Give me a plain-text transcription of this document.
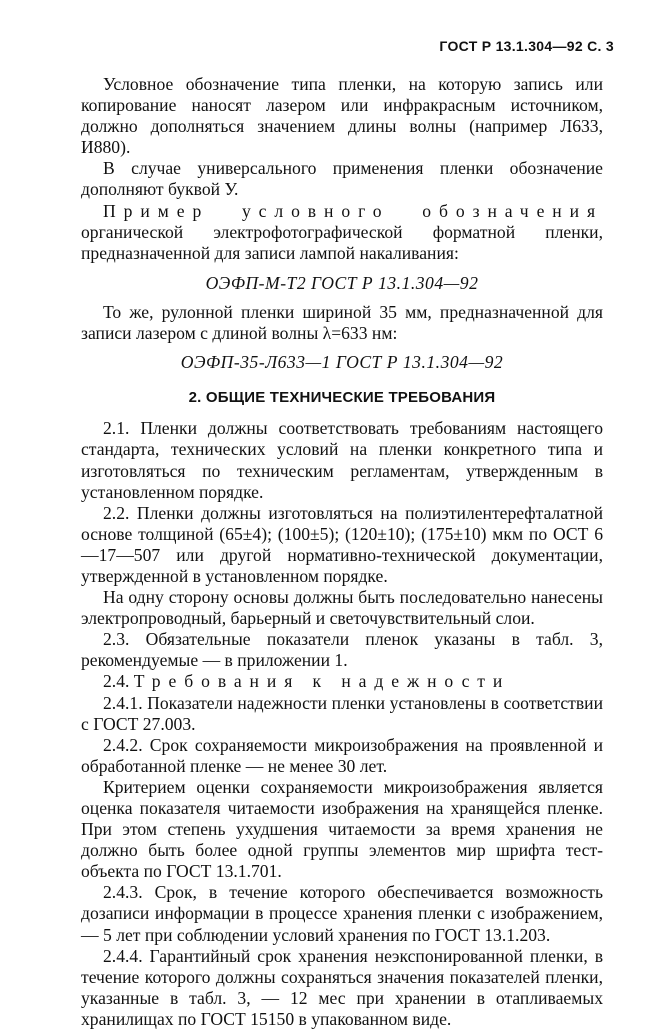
ГОСТ Р 13.1.304—92 С. 3

Условное обозначение типа пленки, на которую запись или копирование наносят лазером или инфракрасным источником, должно дополняться значением длины волны (например Л633, И880).

В случае универсального применения пленки обозначение дополняют буквой У.

Пример условного обозначения органической электрофотографической форматной пленки, предназначенной для записи лампой накаливания:

ОЭФП-М-Т2 ГОСТ Р 13.1.304—92

То же, рулонной пленки шириной 35 мм, предназначенной для записи лазером с длиной волны λ=633 нм:

ОЭФП-35-Л633—1 ГОСТ Р 13.1.304—92
2. ОБЩИЕ ТЕХНИЧЕСКИЕ ТРЕБОВАНИЯ

2.1. Пленки должны соответствовать требованиям настоящего стандарта, технических условий на пленки конкретного типа и изготовляться по техническим регламентам, утвержденным в установленном порядке.

2.2. Пленки должны изготовляться на полиэтилентерефталатной основе толщиной (65±4); (100±5); (120±10); (175±10) мкм по ОСТ 6—17—507 или другой нормативно-технической документации, утвержденной в установленном порядке.

На одну сторону основы должны быть последовательно нанесены электропроводный, барьерный и светочувствительный слои.

2.3. Обязательные показатели пленок указаны в табл. 3, рекомендуемые — в приложении 1.

2.4. Требования к надежности

2.4.1. Показатели надежности пленки установлены в соответствии с ГОСТ 27.003.

2.4.2. Срок сохраняемости микроизображения на проявленной и обработанной пленке — не менее 30 лет.

Критерием оценки сохраняемости микроизображения является оценка показателя читаемости изображения на хранящейся пленке. При этом степень ухудшения читаемости за время хранения не должно быть более одной группы элементов мир шрифта тест-объекта по ГОСТ 13.1.701.

2.4.3. Срок, в течение которого обеспечивается возможность дозаписи информации в процессе хранения пленки с изображением,— 5 лет при соблюдении условий хранения по ГОСТ 13.1.203.

2.4.4. Гарантийный срок хранения неэкспонированной пленки, в течение которого должны сохраняться значения показателей пленки, указанные в табл. 3, — 12 мес при хранении в отапливаемых хранилищах по ГОСТ 15150 в упакованном виде.
